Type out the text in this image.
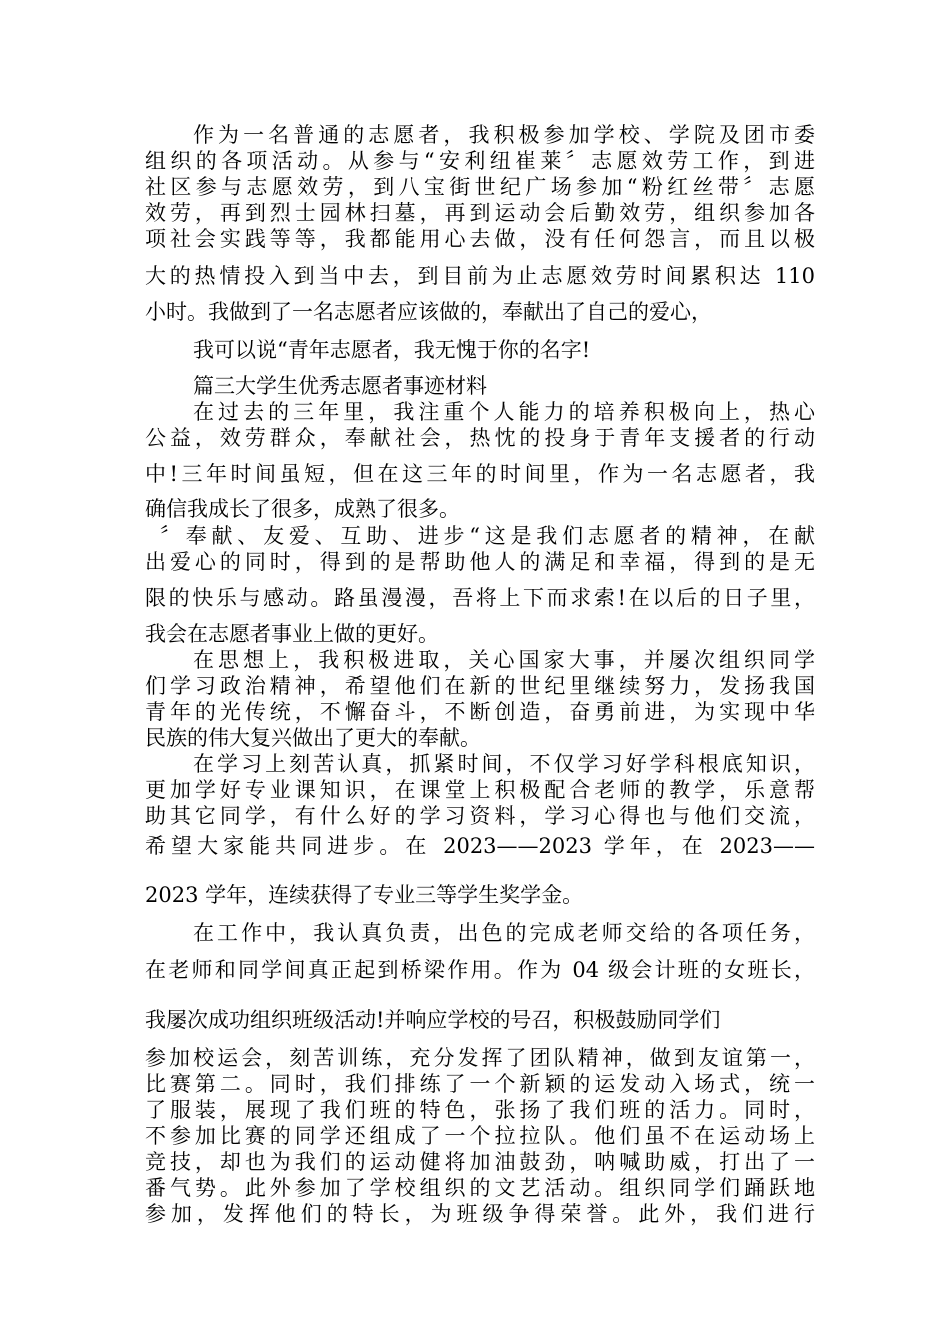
作为一名普通的志愿者，我积极参加学校、学院及团市委
组织的各项活动。从参与“安利纽崔莱〞志愿效劳工作，到进
社区参与志愿效劳，到八宝街世纪广场参加“粉红丝带〞志愿
效劳，再到烈士园林扫墓，再到运动会后勤效劳，组织参加各
项社会实践等等，我都能用心去做，没有任何怨言，而且以极
大的热情投入到当中去，到目前为止志愿效劳时间累积达 110
小时。我做到了一名志愿者应该做的，奉献出了自己的爱心，
我可以说“青年志愿者，我无愧于你的名字!
篇三大学生优秀志愿者事迹材料
在过去的三年里，我注重个人能力的培养积极向上，热心
公益，效劳群众，奉献社会，热忱的投身于青年支援者的行动
中!三年时间虽短，但在这三年的时间里，作为一名志愿者，我
确信我成长了很多，成熟了很多。
〞奉献、友爱、互助、进步“这是我们志愿者的精神，在献
出爱心的同时，得到的是帮助他人的满足和幸福，得到的是无
限的快乐与感动。路虽漫漫，吾将上下而求索!在以后的日子里，
我会在志愿者事业上做的更好。
在思想上，我积极进取，关心国家大事，并屡次组织同学
们学习政治精神，希望他们在新的世纪里继续努力，发扬我国
青年的光传统，不懈奋斗，不断创造，奋勇前进，为实现中华
民族的伟大复兴做出了更大的奉献。
在学习上刻苦认真，抓紧时间，不仅学习好学科根底知识，
更加学好专业课知识，在课堂上积极配合老师的教学，乐意帮
助其它同学，有什么好的学习资料，学习心得也与他们交流，
希望大家能共同进步。在 2023——2023 学年，在 2023——
2023 学年，连续获得了专业三等学生奖学金。
在工作中，我认真负责，出色的完成老师交给的各项任务，
在老师和同学间真正起到桥梁作用。作为 04 级会计班的女班长，
我屡次成功组织班级活动!并响应学校的号召，积极鼓励同学们
参加校运会，刻苦训练，充分发挥了团队精神，做到友谊第一，
比赛第二。同时，我们排练了一个新颖的运发动入场式，统一
了服装，展现了我们班的特色，张扬了我们班的活力。同时，
不参加比赛的同学还组成了一个拉拉队。他们虽不在运动场上
竞技，却也为我们的运动健将加油鼓劲，呐喊助威，打出了一
番气势。此外参加了学校组织的文艺活动。组织同学们踊跃地
参加，发挥他们的特长，为班级争得荣誉。此外，我们进行
